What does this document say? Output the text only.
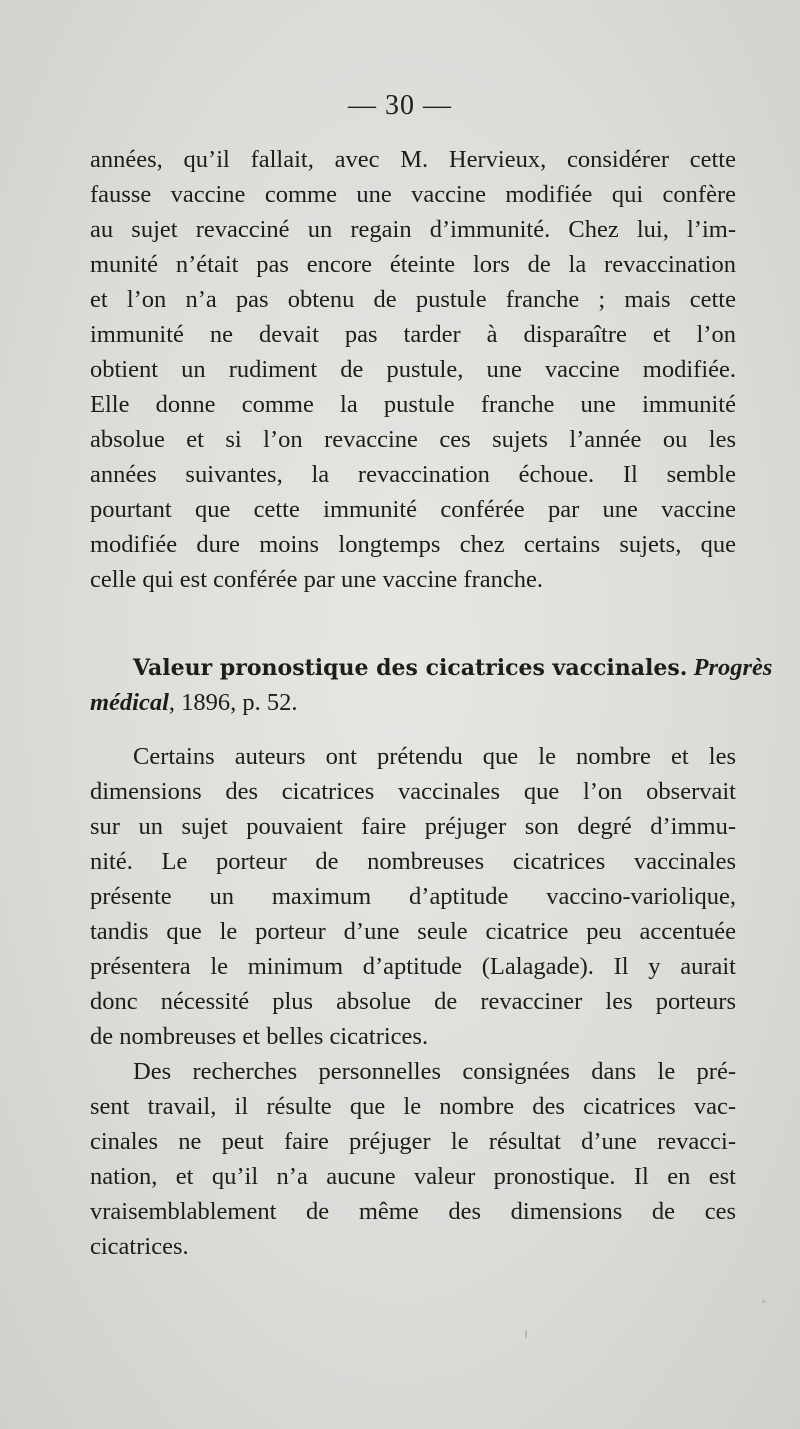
— 30 —
années, qu’il fallait, avec M. Hervieux, considérer cette
fausse vaccine comme une vaccine modifiée qui confère
au sujet revacciné un regain d’immunité. Chez lui, l’im-
munité n’était pas encore éteinte lors de la revaccination
et l’on n’a pas obtenu de pustule franche ; mais cette
immunité ne devait pas tarder à disparaître et l’on
obtient un rudiment de pustule, une vaccine modifiée.
Elle donne comme la pustule franche une immunité
absolue et si l’on revaccine ces sujets l’année ou les
années suivantes, la revaccination échoue. Il semble
pourtant que cette immunité conférée par une vaccine
modifiée dure moins longtemps chez certains sujets, que
celle qui est conférée par une vaccine franche.
Valeur pronostique des cicatrices vaccinales. Progrès
médical, 1896, p. 52.
Certains auteurs ont prétendu que le nombre et les
dimensions des cicatrices vaccinales que l’on observait
sur un sujet pouvaient faire préjuger son degré d’immu-
nité. Le porteur de nombreuses cicatrices vaccinales
présente un maximum d’aptitude vaccino-variolique,
tandis que le porteur d’une seule cicatrice peu accentuée
présentera le minimum d’aptitude (Lalagade). Il y aurait
donc nécessité plus absolue de revacciner les porteurs
de nombreuses et belles cicatrices.
Des recherches personnelles consignées dans le pré-
sent travail, il résulte que le nombre des cicatrices vac-
cinales ne peut faire préjuger le résultat d’une revacci-
nation, et qu’il n’a aucune valeur pronostique. Il en est
vraisemblablement de même des dimensions de ces
cicatrices.
